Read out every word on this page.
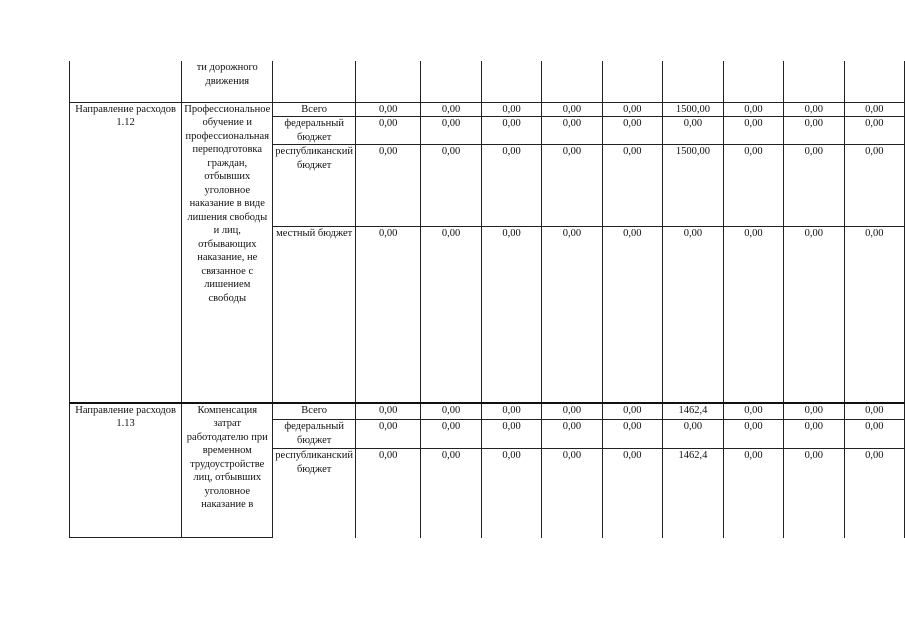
	ти дорожного движения										
Направление расходов 1.12	Профессиональное обучение и профессиональная переподготовка граждан, отбывших уголовное наказание в виде лишения свободы и лиц, отбывающих наказание, не связанное с лишением свободы	Всего	0,00	0,00	0,00	0,00	0,00	1500,00	0,00	0,00	0,00
		федеральный бюджет	0,00	0,00	0,00	0,00	0,00	0,00	0,00	0,00	0,00
		республиканский бюджет	0,00	0,00	0,00	0,00	0,00	1500,00	0,00	0,00	0,00
		местный бюджет	0,00	0,00	0,00	0,00	0,00	0,00	0,00	0,00	0,00
Направление расходов 1.13	Компенсация затрат работодателю при временном трудоустройстве лиц, отбывших уголовное наказание в	Всего	0,00	0,00	0,00	0,00	0,00	1462,4	0,00	0,00	0,00
		федеральный бюджет	0,00	0,00	0,00	0,00	0,00	0,00	0,00	0,00	0,00
		республиканский бюджет	0,00	0,00	0,00	0,00	0,00	1462,4	0,00	0,00	0,00
